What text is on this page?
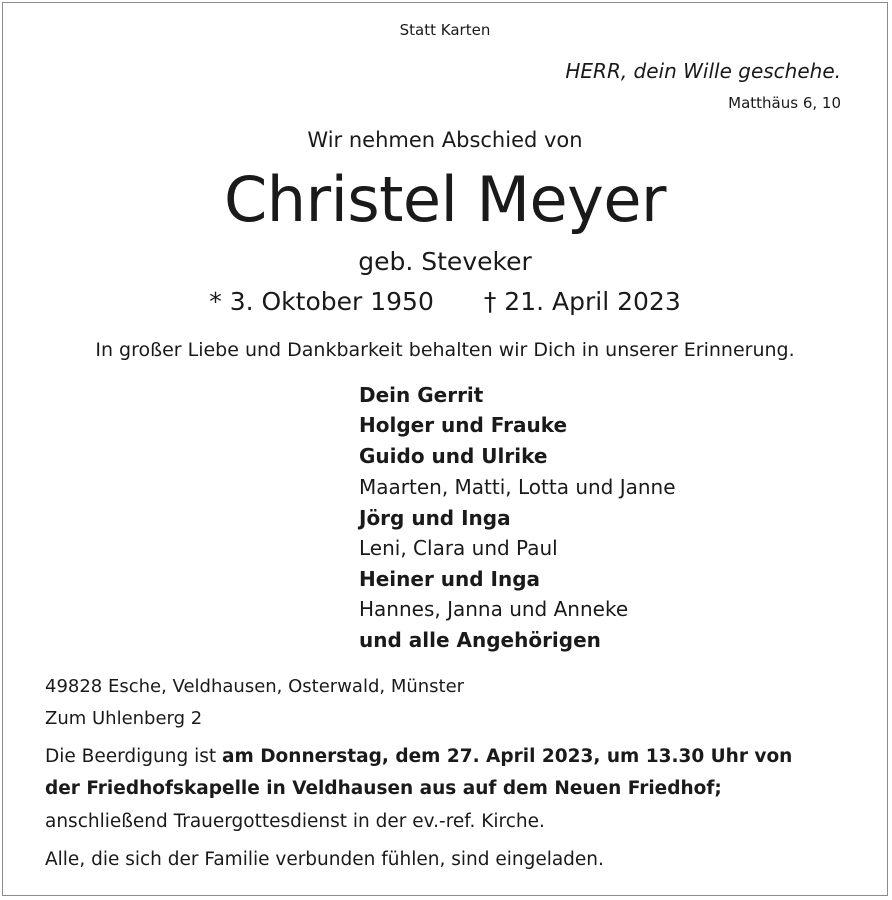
Statt Karten
HERR, dein Wille geschehe.
Matthäus 6, 10
Wir nehmen Abschied von
Christel Meyer
geb. Steveker
* 3. Oktober 1950 † 21. April 2023
In großer Liebe und Dankbarkeit behalten wir Dich in unserer Erinnerung.
Dein Gerrit
Holger und Frauke
Guido und Ulrike
Maarten, Matti, Lotta und Janne
Jörg und Inga
Leni, Clara und Paul
Heiner und Inga
Hannes, Janna und Anneke
und alle Angehörigen
49828 Esche, Veldhausen, Osterwald, Münster
Zum Uhlenberg 2
Die Beerdigung ist am Donnerstag, dem 27. April 2023, um 13.30 Uhr von
der Friedhofskapelle in Veldhausen aus auf dem Neuen Friedhof;
anschließend Trauergottesdienst in der ev.-ref. Kirche.
Alle, die sich der Familie verbunden fühlen, sind eingeladen.
